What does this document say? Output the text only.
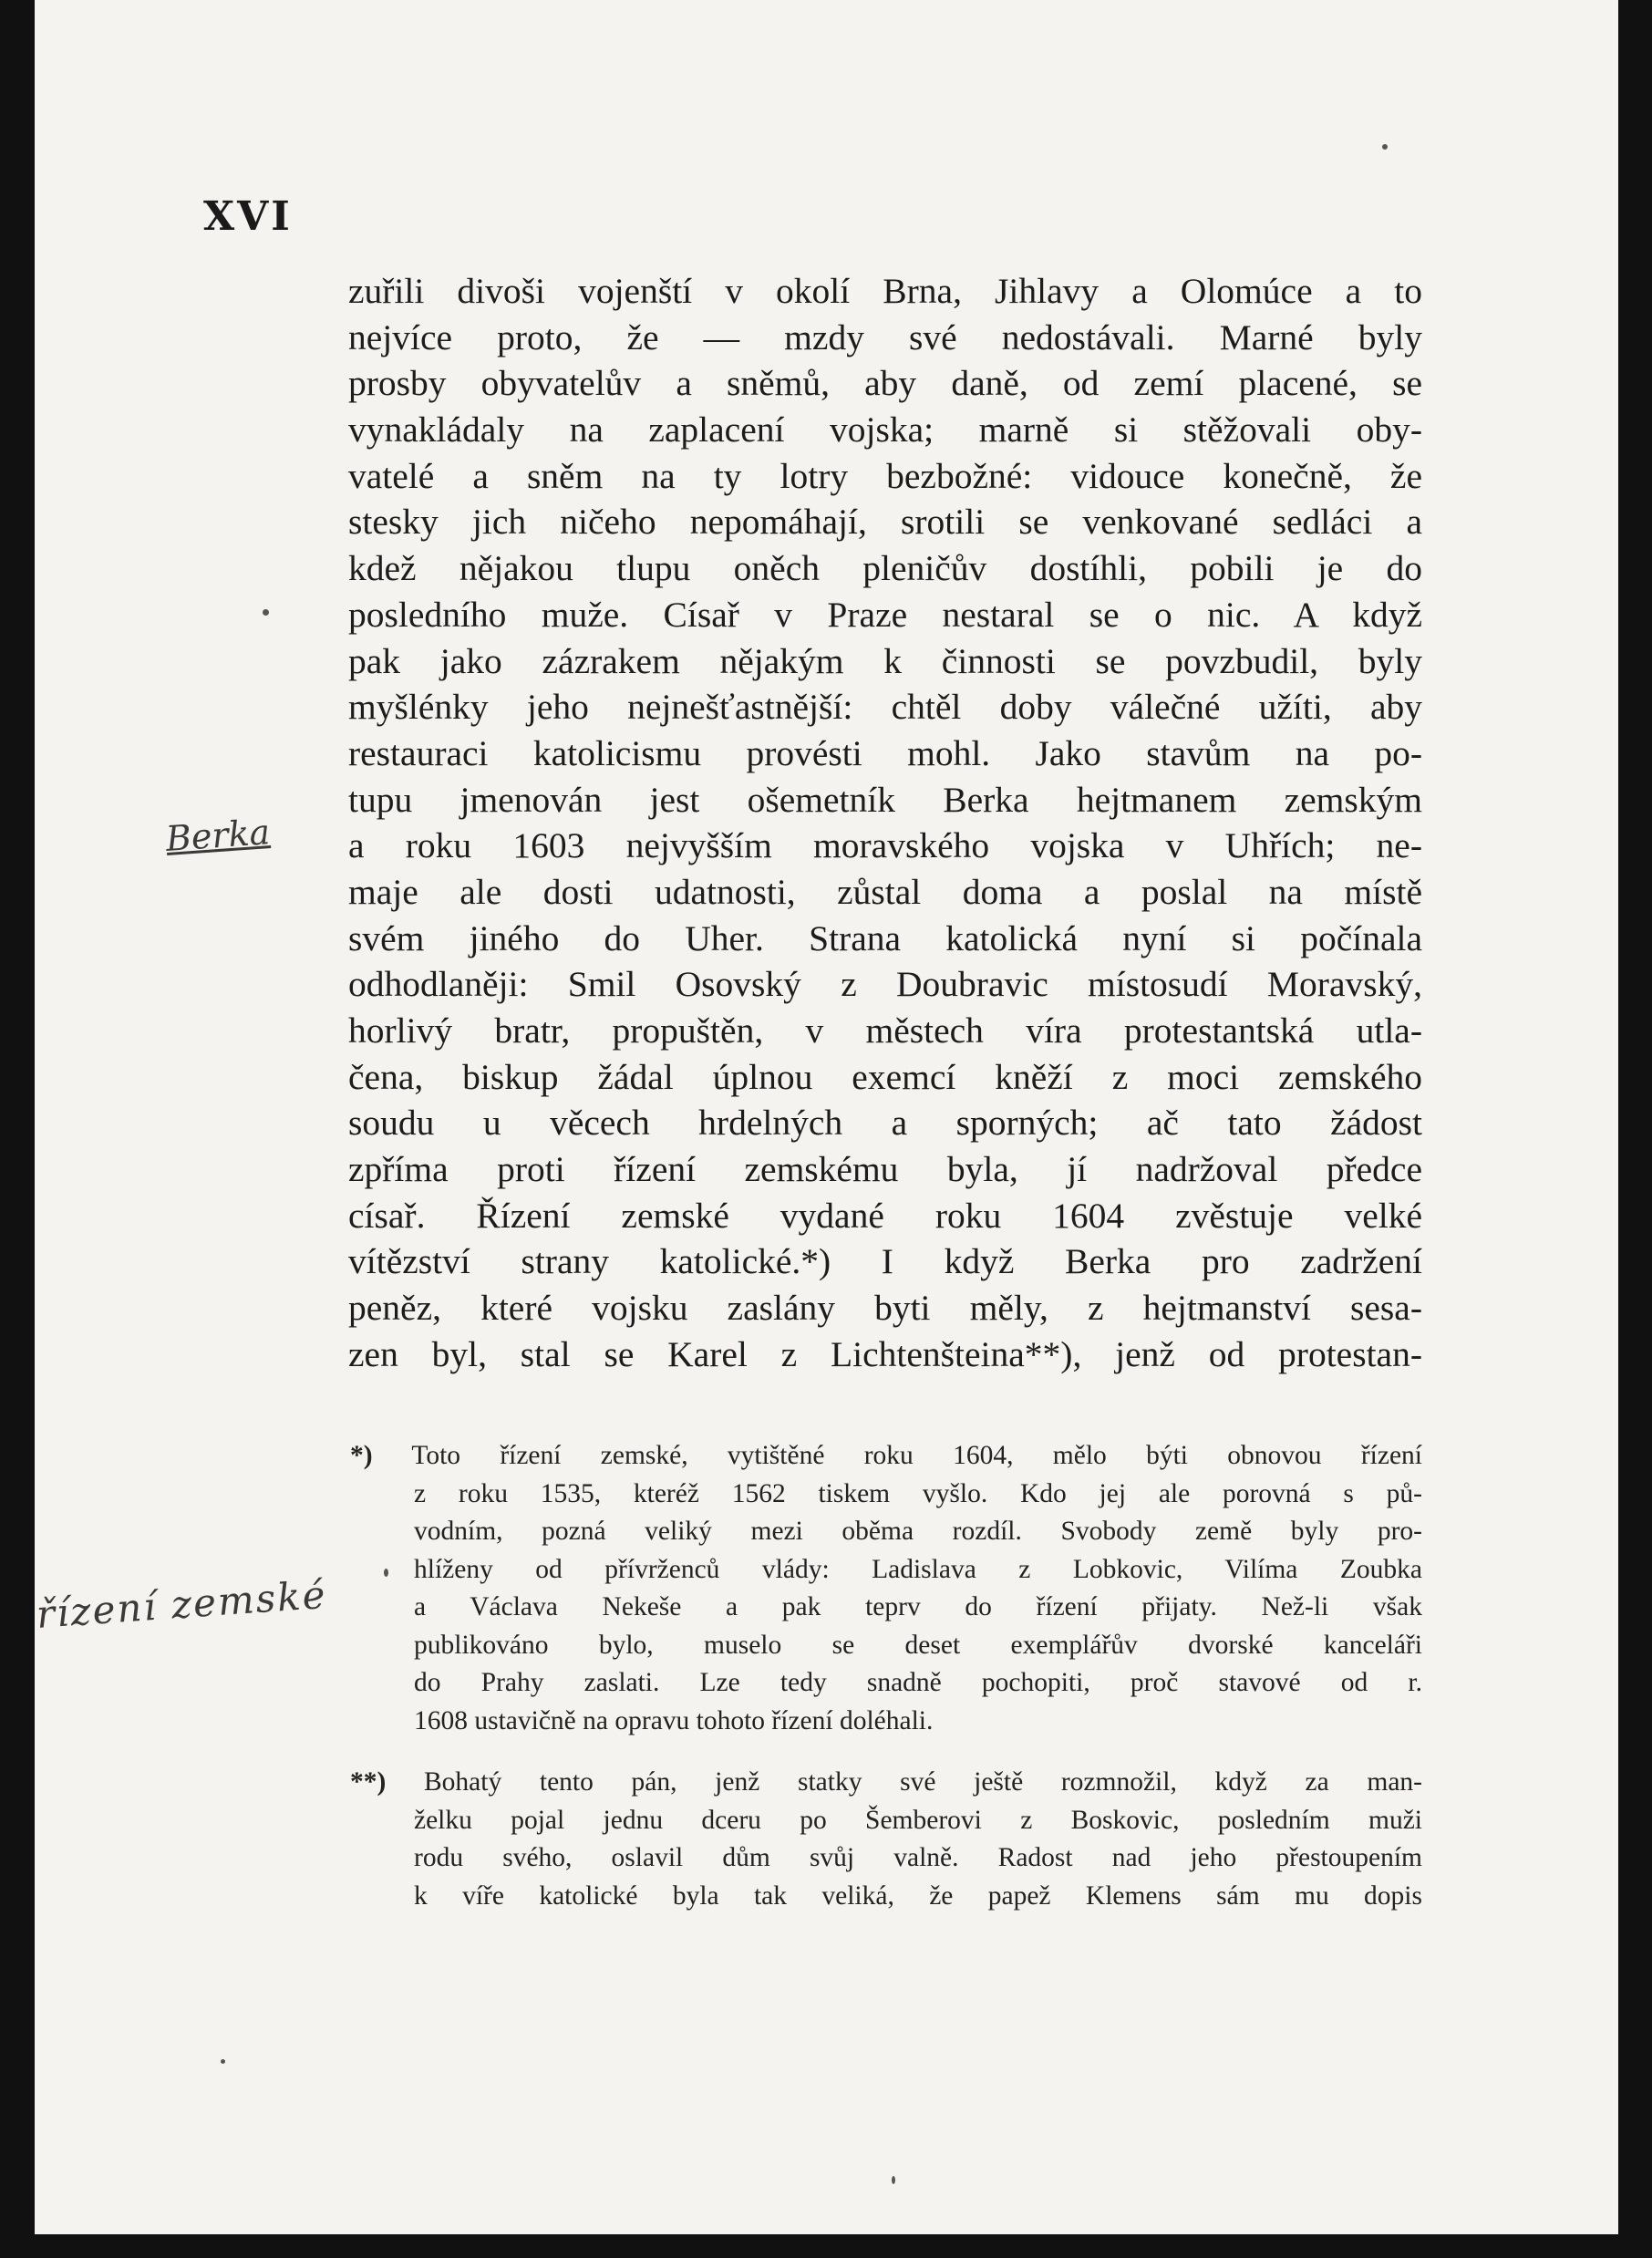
XVI
Berka
řízení zemské
zuřili divoši vojenští v okolí Brna, Jihlavy a Olomúce a to
nejvíce proto, že — mzdy své nedostávali. Marné byly
prosby obyvatelův a sněmů, aby daně, od zemí placené, se
vynakládaly na zaplacení vojska; marně si stěžovali oby-
vatelé a sněm na ty lotry bezbožné: vidouce konečně, že
stesky jich ničeho nepomáhají, srotili se venkované sedláci a
kdež nějakou tlupu oněch pleničův dostíhli, pobili je do
posledního muže. Císař v Praze nestaral se o nic. A když
pak jako zázrakem nějakým k činnosti se povzbudil, byly
myšlénky jeho nejnešťastnější: chtěl doby válečné užíti, aby
restauraci katolicismu provésti mohl. Jako stavům na po-
tupu jmenován jest ošemetník Berka hejtmanem zemským
a roku 1603 nejvyšším moravského vojska v Uhřích; ne-
maje ale dosti udatnosti, zůstal doma a poslal na místě
svém jiného do Uher. Strana katolická nyní si počínala
odhodlaněji: Smil Osovský z Doubravic místosudí Moravský,
horlivý bratr, propuštěn, v městech víra protestantská utla-
čena, biskup žádal úplnou exemcí kněží z moci zemského
soudu u věcech hrdelných a sporných; ač tato žádost
zpříma proti řízení zemskému byla, jí nadržoval předce
císař. Řízení zemské vydané roku 1604 zvěstuje velké
vítězství strany katolické.*) I když Berka pro zadržení
peněz, které vojsku zaslány byti měly, z hejtmanství sesa-
zen byl, stal se Karel z Lichtenšteina**), jenž od protestan-
*) Toto řízení zemské, vytištěné roku 1604, mělo býti obnovou řízení
z roku 1535, kteréž 1562 tiskem vyšlo. Kdo jej ale porovná s pů-
vodním, pozná veliký mezi oběma rozdíl. Svobody země byly pro-
hlíženy od přívrženců vlády: Ladislava z Lobkovic, Vilíma Zoubka
a Václava Nekeše a pak teprv do řízení přijaty. Než-li však
publikováno bylo, muselo se deset exemplářův dvorské kanceláři
do Prahy zaslati. Lze tedy snadně pochopiti, proč stavové od r.
1608 ustavičně na opravu tohoto řízení doléhali.
**) Bohatý tento pán, jenž statky své ještě rozmnožil, když za man-
želku pojal jednu dceru po Šemberovi z Boskovic, posledním muži
rodu svého, oslavil dům svůj valně. Radost nad jeho přestoupením
k víře katolické byla tak veliká, že papež Klemens sám mu dopis
